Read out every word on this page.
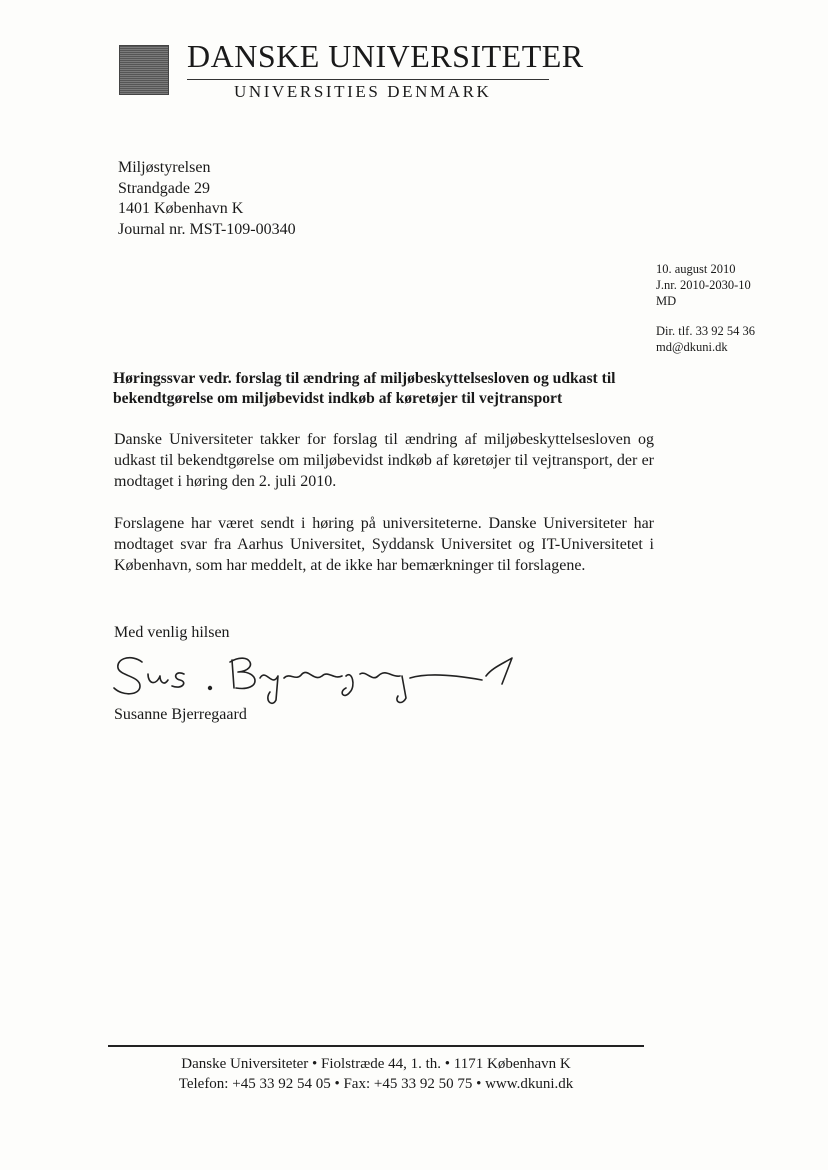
DANSKE UNIVERSITETER
UNIVERSITIES DENMARK
Miljøstyrelsen
Strandgade 29
1401 København K
Journal nr. MST-109-00340
10. august 2010
J.nr. 2010-2030-10
MD
Dir. tlf. 33 92 54 36
md@dkuni.dk
Høringssvar vedr. forslag til ændring af miljøbeskyttelsesloven og udkast til bekendtgørelse om miljøbevidst indkøb af køretøjer til vejtransport
Danske Universiteter takker for forslag til ændring af miljøbeskyttelsesloven og udkast til bekendtgørelse om miljøbevidst indkøb af køretøjer til vejtransport, der er modtaget i høring den 2. juli 2010.
Forslagene har været sendt i høring på universiteterne. Danske Universiteter har modtaget svar fra Aarhus Universitet, Syddansk Universitet og IT-Universitetet i København, som har meddelt, at de ikke har bemærkninger til forslagene.
Med venlig hilsen
Susanne Bjerregaard
Danske Universiteter • Fiolstræde 44, 1. th. • 1171 København K
Telefon: +45 33 92 54 05 • Fax: +45 33 92 50 75 • www.dkuni.dk
